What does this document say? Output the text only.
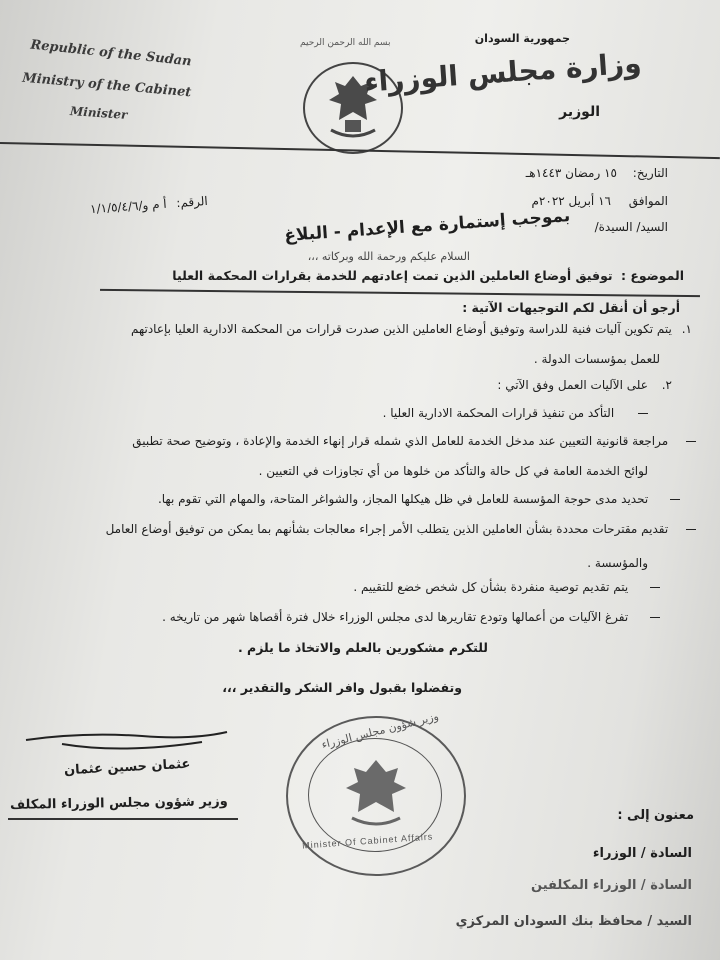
Republic of the Sudan
Ministry of the Cabinet
Minister
بسم الله الرحمن الرحيم	جمهورية السودان
وزارة مجلس الوزراء
الوزير
التاريخ: ١٥ رمضان ١٤٤٣هـ
الموافق ١٦ أبريل ٢٠٢٢م
الرقم: أ م و/١/١/٥/٤/٦
السيد/ السيدة/ بموجب إستمارة مع الإعدام - البلاغ
السلام عليكم ورحمة الله وبركاته ،،،
الموضوع : توفيق أوضاع العاملين الذين تمت إعادتهم للخدمة بقرارات المحكمة العليا
أرجو أن أنقل لكم التوجيهات الآتية :
١. يتم تكوين آليات فنية للدراسة وتوفيق أوضاع العاملين الذين صدرت قرارات من المحكمة الادارية العليا بإعادتهم
للعمل بمؤسسات الدولة .
٢. على الآليات العمل وفق الآتي :
التأكد من تنفيذ قرارات المحكمة الادارية العليا .
مراجعة قانونية التعيين عند مدخل الخدمة للعامل الذي شمله قرار إنهاء الخدمة والإعادة ، وتوضيح صحة تطبيق
لوائح الخدمة العامة في كل حالة والتأكد من خلوها من أي تجاوزات في التعيين .
تحديد مدى حوجة المؤسسة للعامل في ظل هيكلها المجاز، والشواغر المتاحة، والمهام التي تقوم بها.
تقديم مقترحات محددة بشأن العاملين الذين يتطلب الأمر إجراء معالجات بشأنهم بما يمكن من توفيق أوضاع العامل
والمؤسسة .
يتم تقديم توصية منفردة بشأن كل شخص خضع للتقييم .
تفرغ الآليات من أعمالها وتودع تقاريرها لدى مجلس الوزراء خلال فترة أقصاها شهر من تاريخه .
للتكرم مشكورين بالعلم والاتخاذ ما يلزم .
وتفضلوا بقبول وافر الشكر والتقدير ،،،
عثمان حسين عثمان
وزير شؤون مجلس الوزراء المكلف
وزير شؤون مجلس الوزراء
Minister Of Cabinet Affairs
معنون إلى :
السادة / الوزراء
السادة / الوزراء المكلفين
السيد / محافظ بنك السودان المركزي
